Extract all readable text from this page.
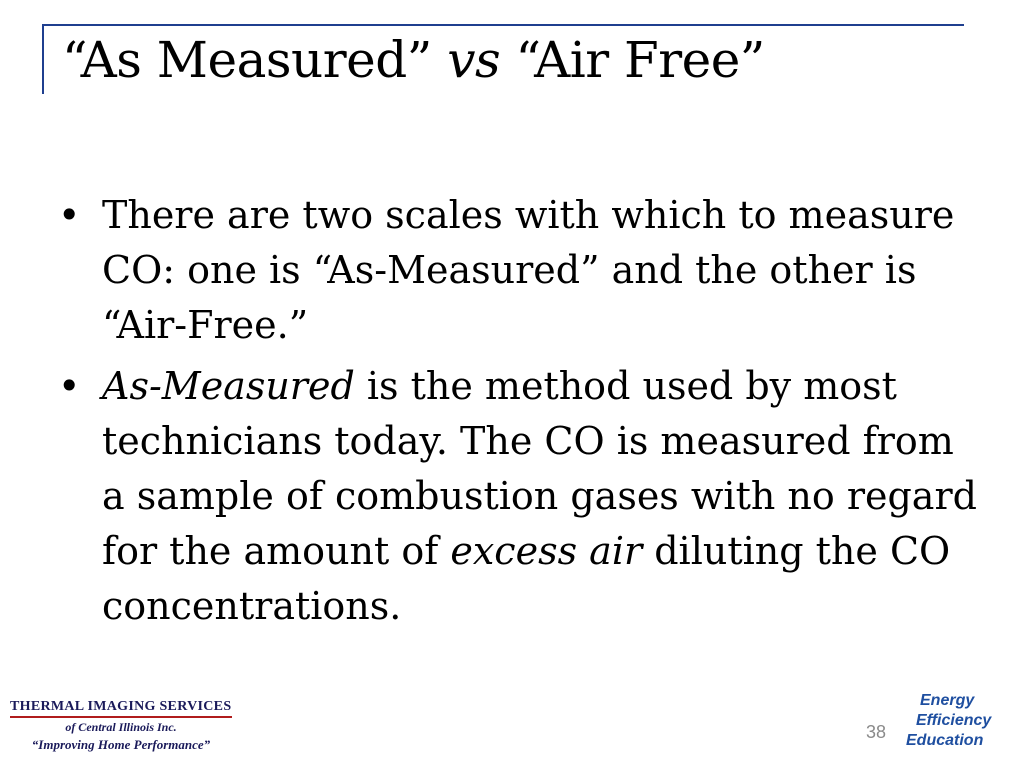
“As Measured” vs “Air Free”
• There are two scales with which to measure CO: one is “As-Measured” and the other is “Air-Free.”
• As-Measured is the method used by most technicians today. The CO is measured from a sample of combustion gases with no regard for the amount of excess air diluting the CO concentrations.
THERMAL IMAGING SERVICES
of Central Illinois Inc.
“Improving Home Performance”
38
Energy
Efficiency
Education
